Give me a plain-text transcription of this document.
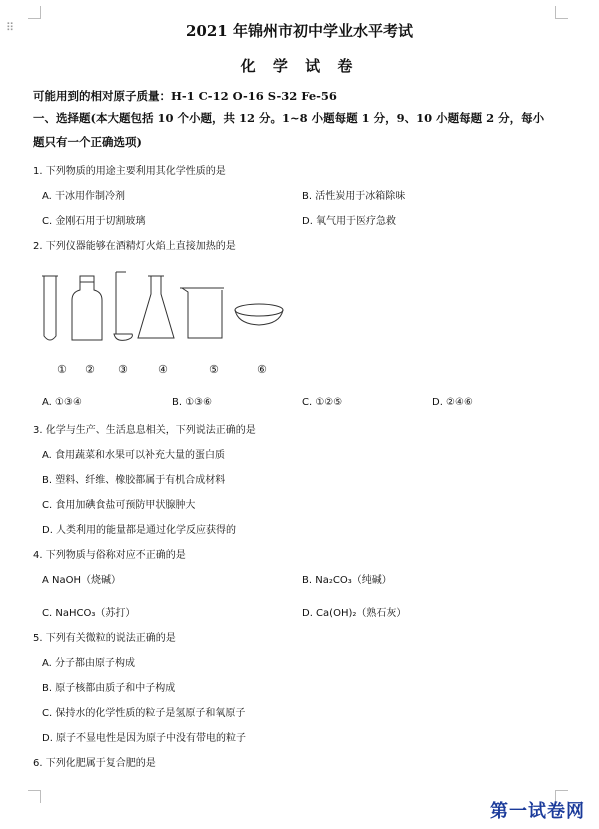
⠿	2021 年锦州市初中学业水平考试
化 学 试 卷
可能用到的相对原子质量：H-1 C-12 O-16 S-32 Fe-56
一、选择题(本大题包括 10 个小题，共 12 分。1~8 小题每题 1 分，9、10 小题每题 2 分，每小
题只有一个正确选项)
1. 下列物质的用途主要利用其化学性质的是
A. 干冰用作制冷剂	B. 活性炭用于冰箱除味
C. 金刚石用于切割玻璃	D. 氧气用于医疗急救
2. 下列仪器能够在酒精灯火焰上直接加热的是
① ② ③	④	⑤	⑥
A. ①③④	B. ①③⑥	C. ①②⑤	D. ②④⑥
3. 化学与生产、生活息息相关，下列说法正确的是
A. 食用蔬菜和水果可以补充大量的蛋白质
B. 塑料、纤维、橡胶都属于有机合成材料
C. 食用加碘食盐可预防甲状腺肿大
D. 人类利用的能量都是通过化学反应获得的
4. 下列物质与俗称对应不正确的是
A NaOH（烧碱）	B. Na₂CO₃（纯碱）
C. NaHCO₃（苏打）	D. Ca(OH)₂（熟石灰）
5. 下列有关微粒的说法正确的是
A. 分子都由原子构成
B. 原子核都由质子和中子构成
C. 保持水的化学性质的粒子是氢原子和氧原子
D. 原子不显电性是因为原子中没有带电的粒子
6. 下列化肥属于复合肥的是
第一试卷网
